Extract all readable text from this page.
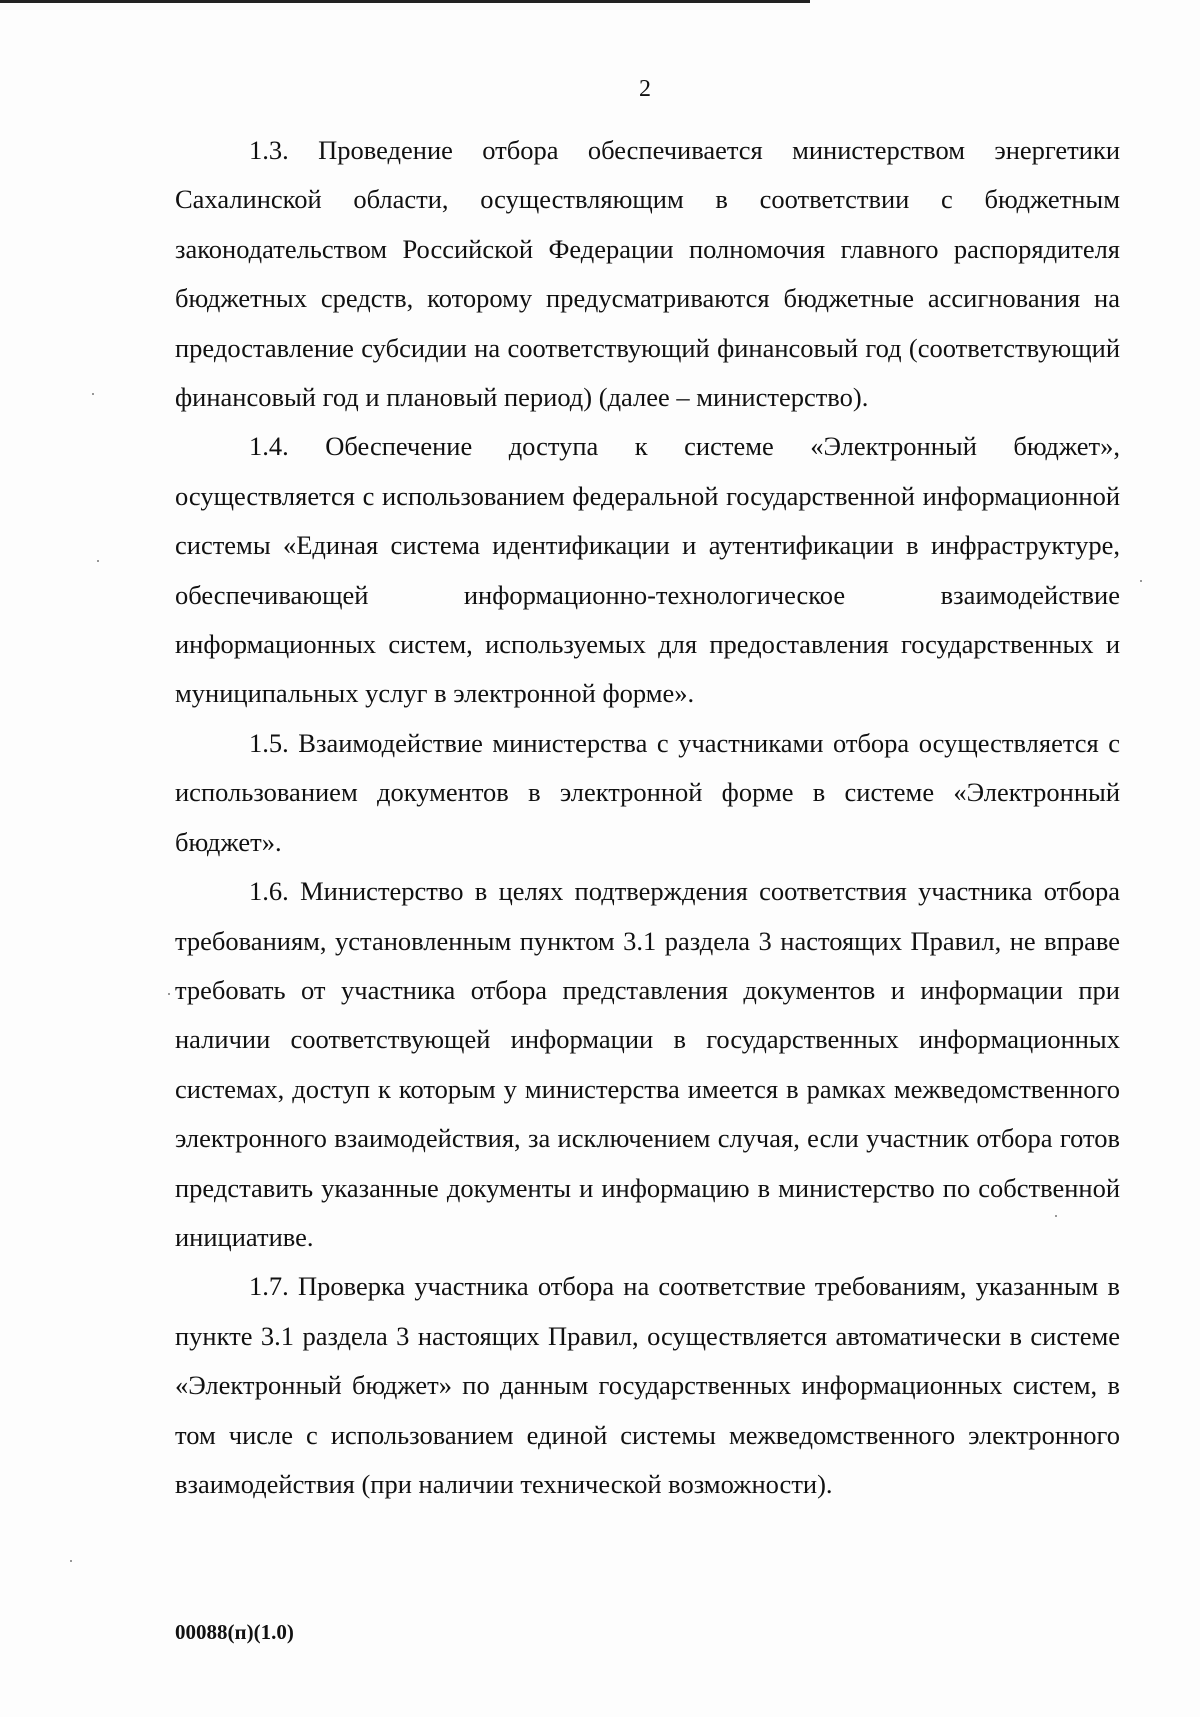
2

1.3. Проведение отбора обеспечивается министерством энергетики Сахалинской области, осуществляющим в соответствии с бюджетным законодательством Российской Федерации полномочия главного распорядителя бюджетных средств, которому предусматриваются бюджетные ассигнования на предоставление субсидии на соответствующий финансовый год (соответствующий финансовый год и плановый период) (далее – министерство).

1.4. Обеспечение доступа к системе «Электронный бюджет», осуществляется с использованием федеральной государственной информационной системы «Единая система идентификации и аутентификации в инфраструктуре, обеспечивающей информационно-технологическое взаимодействие информационных систем, используемых для предоставления государственных и муниципальных услуг в электронной форме».

1.5. Взаимодействие министерства с участниками отбора осуществляется с использованием документов в электронной форме в системе «Электронный бюджет».

1.6. Министерство в целях подтверждения соответствия участника отбора требованиям, установленным пунктом 3.1 раздела 3 настоящих Правил, не вправе требовать от участника отбора представления документов и информации при наличии соответствующей информации в государственных информационных системах, доступ к которым у министерства имеется в рамках межведомственного электронного взаимодействия, за исключением случая, если участник отбора готов представить указанные документы и информацию в министерство по собственной инициативе.

1.7. Проверка участника отбора на соответствие требованиям, указанным в пункте 3.1 раздела 3 настоящих Правил, осуществляется автоматически в системе «Электронный бюджет» по данным государственных информационных систем, в том числе с использованием единой системы межведомственного электронного взаимодействия (при наличии технической возможности).

00088(п)(1.0)
